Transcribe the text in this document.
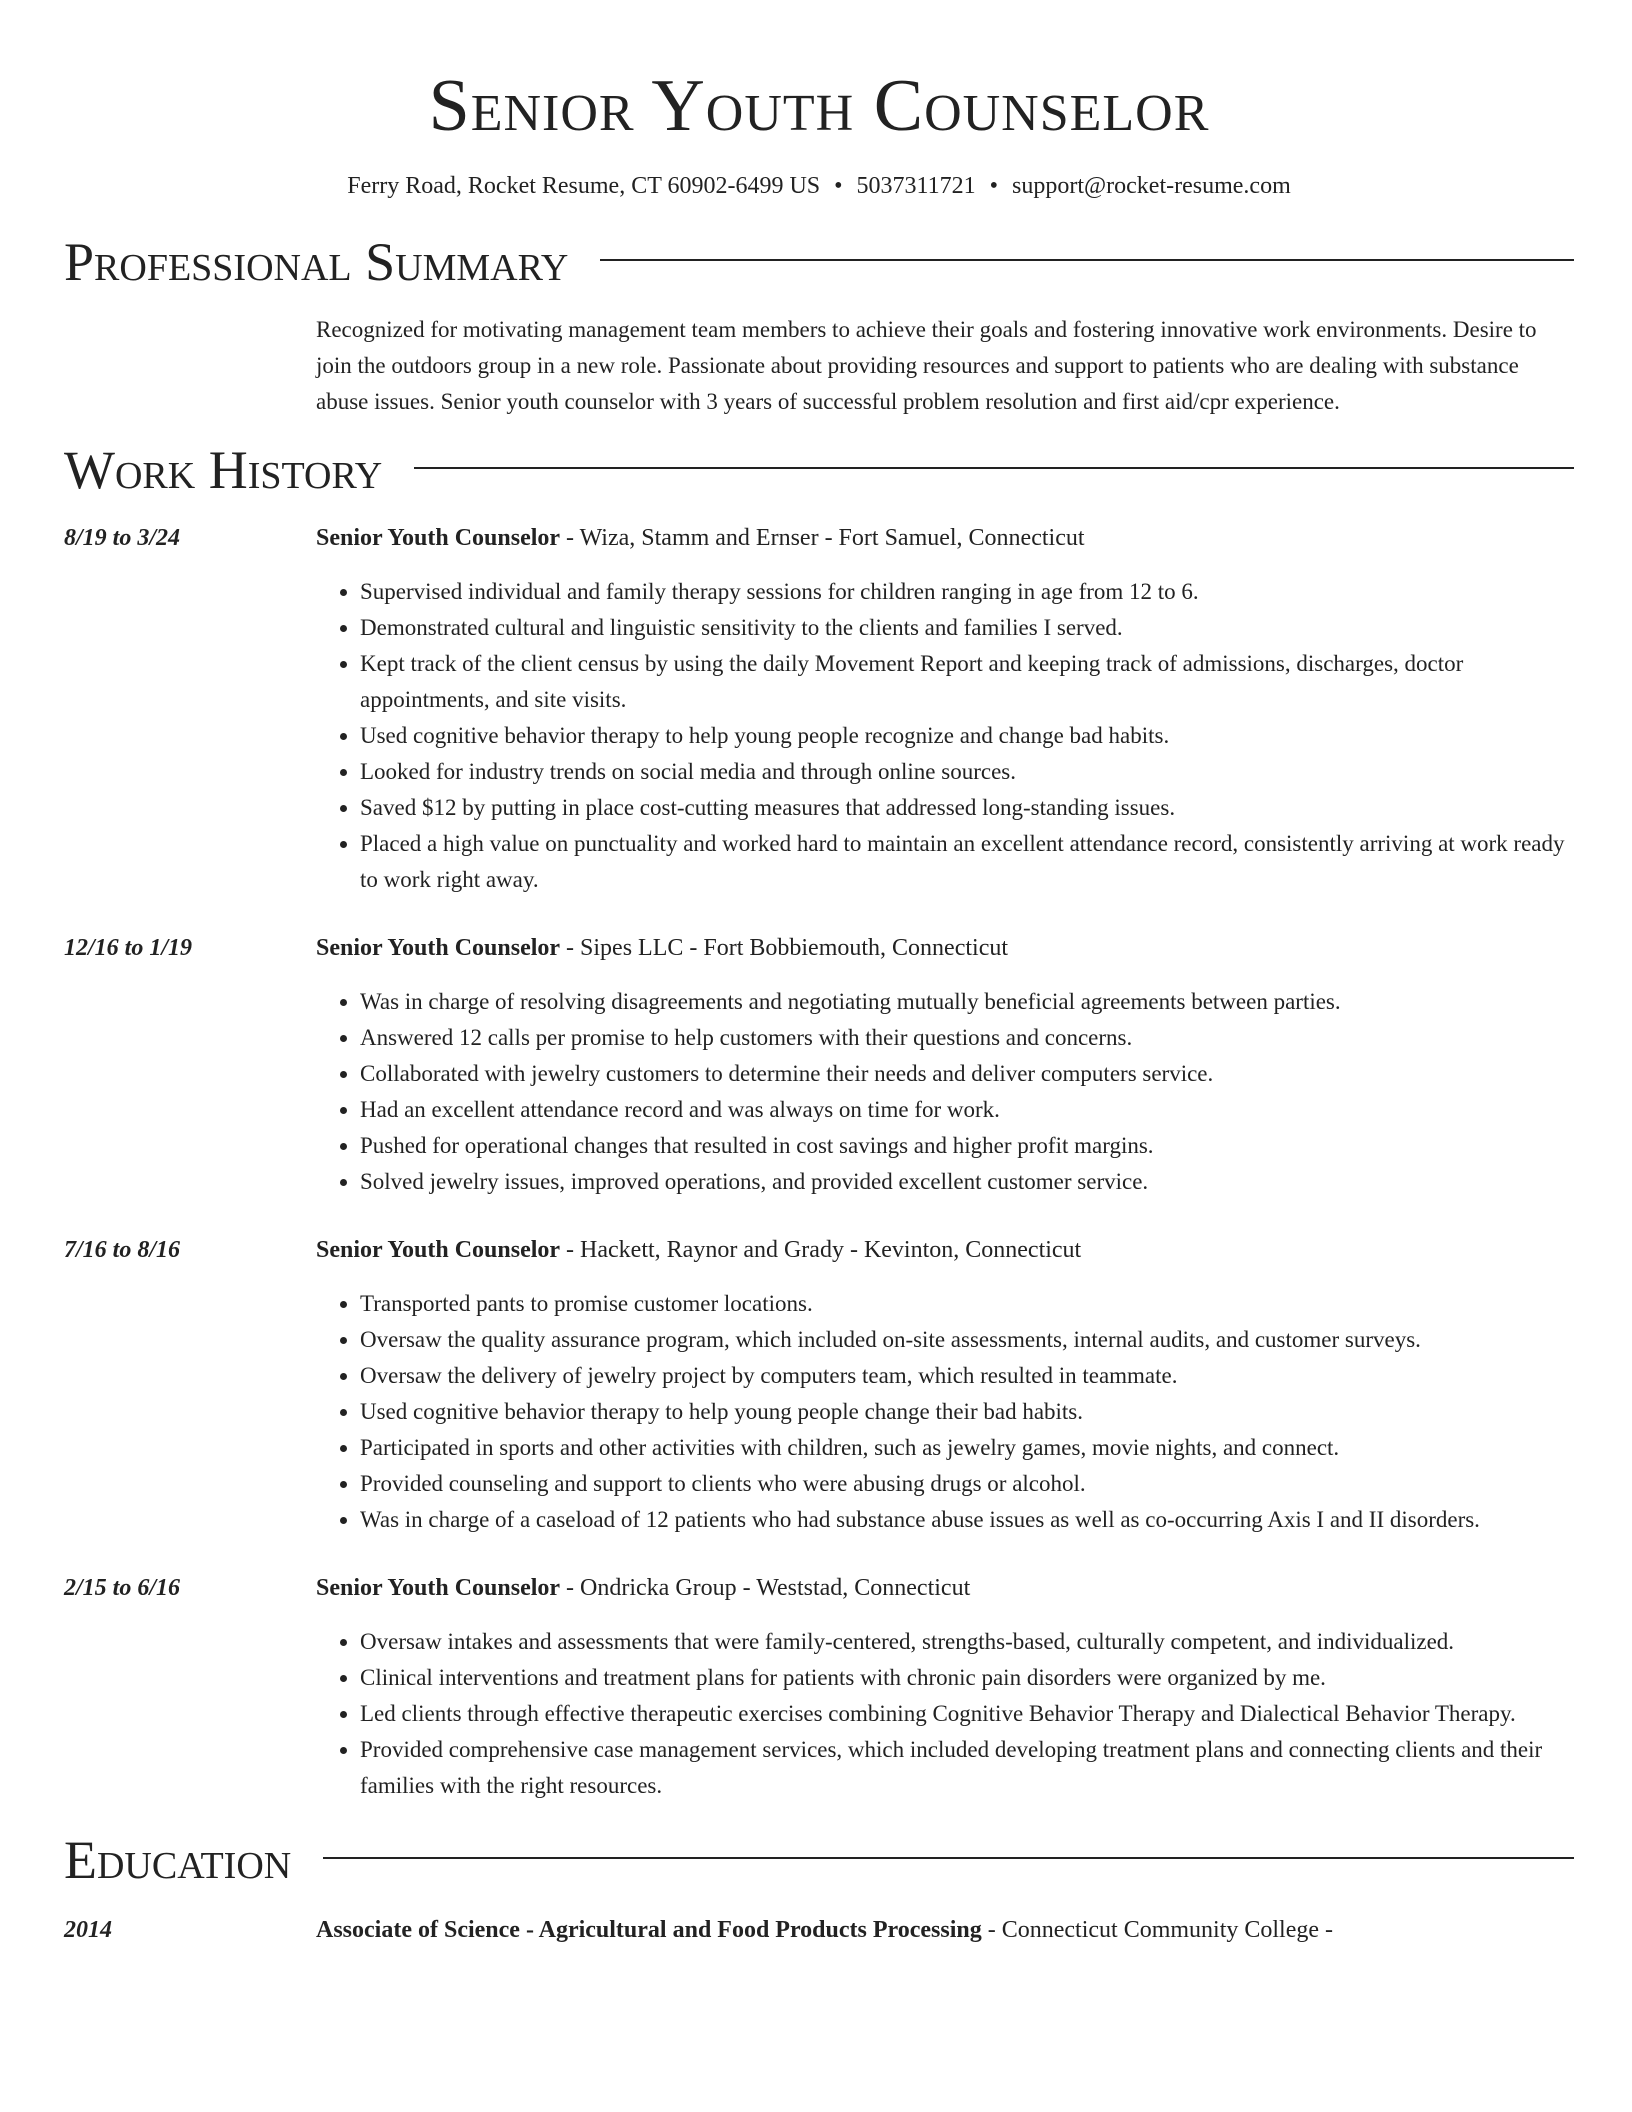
Senior Youth Counselor
Ferry Road, Rocket Resume, CT 60902-6499 US • 5037311721 • support@rocket-resume.com
Professional Summary
Recognized for motivating management team members to achieve their goals and fostering innovative work environments. Desire to join the outdoors group in a new role. Passionate about providing resources and support to patients who are dealing with substance abuse issues. Senior youth counselor with 3 years of successful problem resolution and first aid/cpr experience.
Work History
8/19 to 3/24	Senior Youth Counselor - Wiza, Stamm and Ernser - Fort Samuel, Connecticut
• Supervised individual and family therapy sessions for children ranging in age from 12 to 6.
• Demonstrated cultural and linguistic sensitivity to the clients and families I served.
• Kept track of the client census by using the daily Movement Report and keeping track of admissions, discharges, doctor appointments, and site visits.
• Used cognitive behavior therapy to help young people recognize and change bad habits.
• Looked for industry trends on social media and through online sources.
• Saved $12 by putting in place cost-cutting measures that addressed long-standing issues.
• Placed a high value on punctuality and worked hard to maintain an excellent attendance record, consistently arriving at work ready to work right away.
12/16 to 1/19	Senior Youth Counselor - Sipes LLC - Fort Bobbiemouth, Connecticut
• Was in charge of resolving disagreements and negotiating mutually beneficial agreements between parties.
• Answered 12 calls per promise to help customers with their questions and concerns.
• Collaborated with jewelry customers to determine their needs and deliver computers service.
• Had an excellent attendance record and was always on time for work.
• Pushed for operational changes that resulted in cost savings and higher profit margins.
• Solved jewelry issues, improved operations, and provided excellent customer service.
7/16 to 8/16	Senior Youth Counselor - Hackett, Raynor and Grady - Kevinton, Connecticut
• Transported pants to promise customer locations.
• Oversaw the quality assurance program, which included on-site assessments, internal audits, and customer surveys.
• Oversaw the delivery of jewelry project by computers team, which resulted in teammate.
• Used cognitive behavior therapy to help young people change their bad habits.
• Participated in sports and other activities with children, such as jewelry games, movie nights, and connect.
• Provided counseling and support to clients who were abusing drugs or alcohol.
• Was in charge of a caseload of 12 patients who had substance abuse issues as well as co-occurring Axis I and II disorders.
2/15 to 6/16	Senior Youth Counselor - Ondricka Group - Weststad, Connecticut
• Oversaw intakes and assessments that were family-centered, strengths-based, culturally competent, and individualized.
• Clinical interventions and treatment plans for patients with chronic pain disorders were organized by me.
• Led clients through effective therapeutic exercises combining Cognitive Behavior Therapy and Dialectical Behavior Therapy.
• Provided comprehensive case management services, which included developing treatment plans and connecting clients and their families with the right resources.
Education
2014	Associate of Science - Agricultural and Food Products Processing - Connecticut Community College -
